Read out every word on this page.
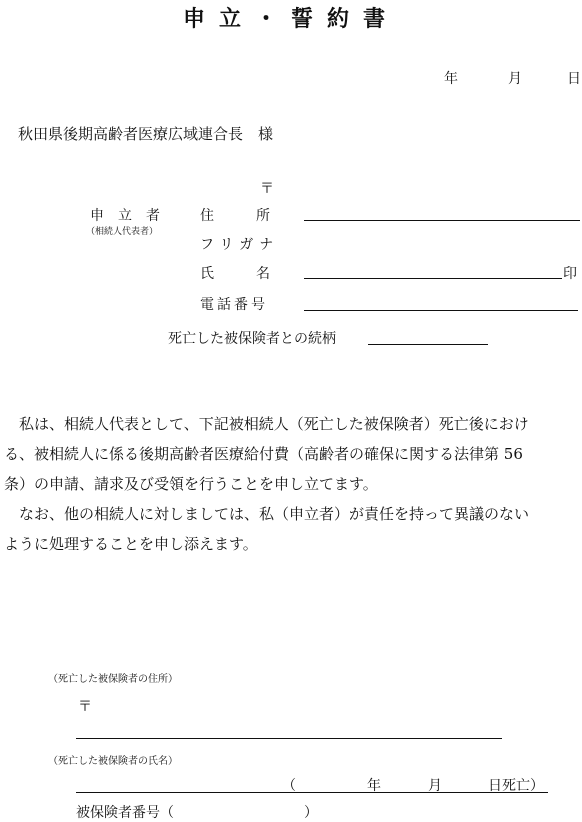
申立・誓約書
年	月	日
秋田県後期高齢者医療広域連合長　様
〒
申　立　者
（相続人代表者）
住　　　所
フリガナ
氏　　　名	印
電話番号
死亡した被保険者との続柄
　私は、相続人代表として、下記被相続人（死亡した被保険者）死亡後におけ
る、被相続人に係る後期高齢者医療給付費（高齢者の確保に関する法律第 56
条）の申請、請求及び受領を行うことを申し立てます。
　なお、他の相続人に対しましては、私（申立者）が責任を持って異議のない
ように処理することを申し添えます。
（死亡した被保険者の住所）
〒
（死亡した被保険者の氏名）
（	年	月	日死亡）
被保険者番号（	）
